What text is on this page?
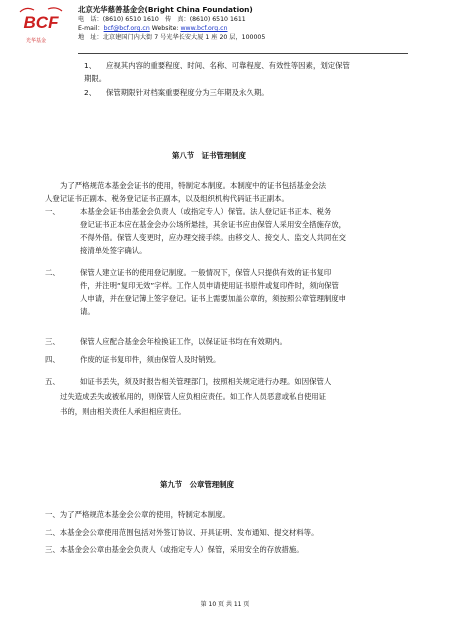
BCF
光华基金
北京光华慈善基金会(Bright China Foundation)
电　话：(8610) 6510 1610　传　真：(8610) 6510 1611
E-mail：bcf@bcf.org.cn Website: www.bcf.org.cn
地　址：北京建国门内大街 7 号光华长安大厦 1 座 20 层，100005
1、 应视其内容的重要程度、时间、名称、可靠程度、有效性等因素，划定保管
期限。
2、 保管期限针对档案重要程度分为三年期及永久期。
第八节　证书管理制度
为了严格规范本基金会证书的使用，特制定本制度。本制度中的证书包括基金会法
人登记证书正副本、税务登记证书正副本，以及组织机构代码证书正副本。
一、	本基金会证书由基金会负责人（或指定专人）保管。法人登记证书正本、税务
登记证书正本应在基金会办公场所悬挂，其余证书应由保管人采用安全措施存放，
不得外借。保管人变更时，应办理交接手续。由移交人、接交人、监交人共同在交
接清单处签字确认。
二、	保管人建立证书的使用登记制度。一般情况下，保管人只提供有效的证书复印
件，并注明“复印无效”字样。工作人员申请使用证书原件或复印件时，须向保管
人申请，并在登记簿上签字登记。证书上需要加盖公章的，须按照公章管理制度申
请。
三、	保管人应配合基金会年检换证工作，以保证证书均在有效期内。
四、	作废的证书复印件，须由保管人及时销毁。
五、	如证书丢失，须及时报告相关管理部门，按照相关规定进行办理。如因保管人
过失造成丢失或被私用的，则保管人应负相应责任。如工作人员恶意或私自使用证
书的，则由相关责任人承担相应责任。
第九节　公章管理制度
一、为了严格规范本基金会公章的使用，特制定本制度。
二、本基金会公章使用范围包括对外签订协议、开具证明、发布通知、提交材料等。
三、本基金会公章由基金会负责人（或指定专人）保管，采用安全的存放措施。
第 10 页 共 11 页
